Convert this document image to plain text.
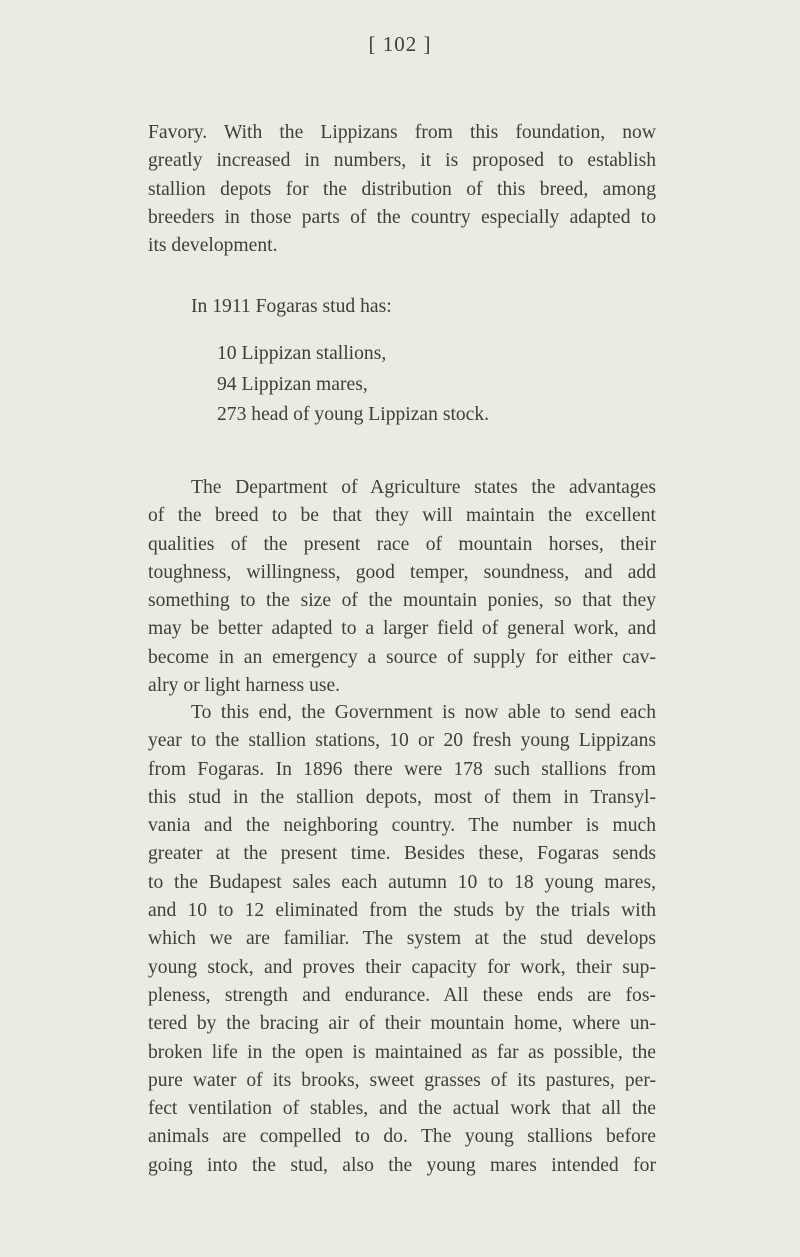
[ 102 ]

Favory. With the Lippizans from this foundation, now
greatly increased in numbers, it is proposed to establish
stallion depots for the distribution of this breed, among
breeders in those parts of the country especially adapted to
its development.
In 1911 Fogaras stud has:
10 Lippizan stallions,
94 Lippizan mares,
273 head of young Lippizan stock.
The Department of Agriculture states the advantages
of the breed to be that they will maintain the excellent
qualities of the present race of mountain horses, their
toughness, willingness, good temper, soundness, and add
something to the size of the mountain ponies, so that they
may be better adapted to a larger field of general work, and
become in an emergency a source of supply for either cav-
alry or light harness use.
To this end, the Government is now able to send each
year to the stallion stations, 10 or 20 fresh young Lippizans
from Fogaras. In 1896 there were 178 such stallions from
this stud in the stallion depots, most of them in Transyl-
vania and the neighboring country. The number is much
greater at the present time. Besides these, Fogaras sends
to the Budapest sales each autumn 10 to 18 young mares,
and 10 to 12 eliminated from the studs by the trials with
which we are familiar. The system at the stud develops
young stock, and proves their capacity for work, their sup-
pleness, strength and endurance. All these ends are fos-
tered by the bracing air of their mountain home, where un-
broken life in the open is maintained as far as possible, the
pure water of its brooks, sweet grasses of its pastures, per-
fect ventilation of stables, and the actual work that all the
animals are compelled to do. The young stallions before
going into the stud, also the young mares intended for
